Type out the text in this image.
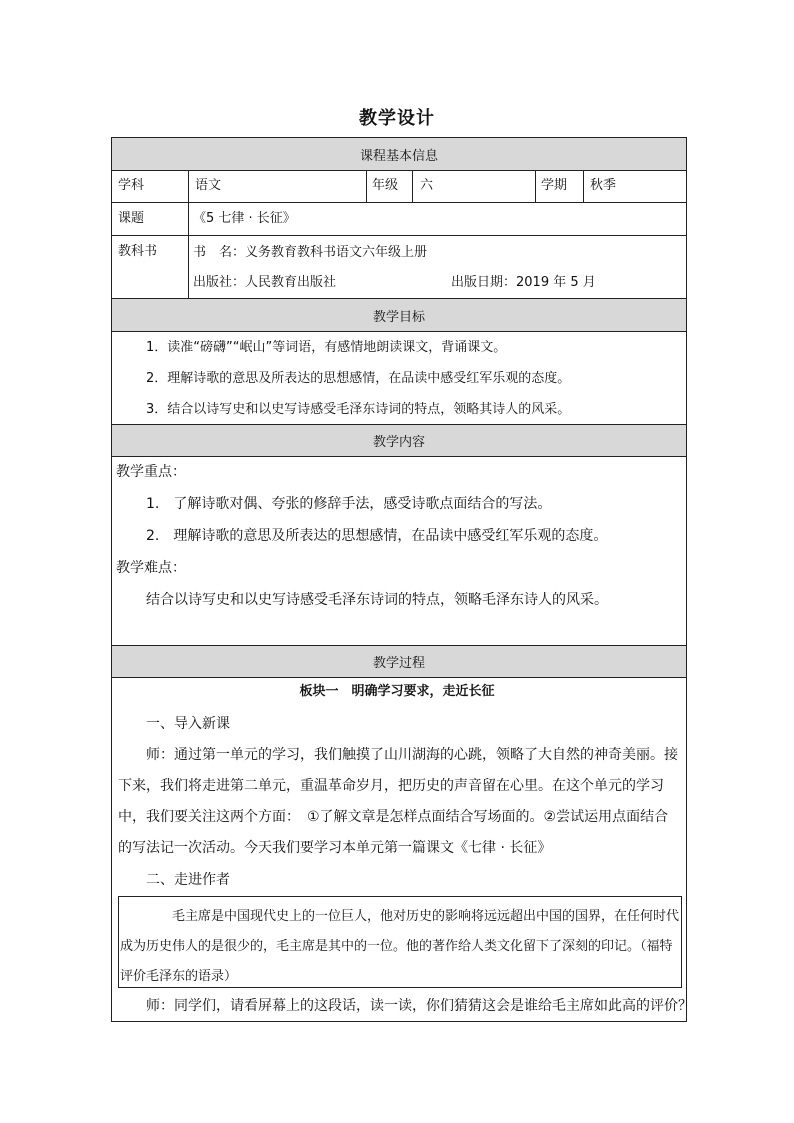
教学设计
课程基本信息
学科	语文	年级 六	学期 秋季
课题	《5 七律 · 长征》
教科书	书　名：义务教育教科书语文六年级上册
出版社：人民教育出版社	出版日期：2019 年 5 月
教学目标
1．读准“磅礴”“岷山”等词语，有感情地朗读课文，背诵课文。
2．理解诗歌的意思及所表达的思想感情，在品读中感受红军乐观的态度。
3．结合以诗写史和以史写诗感受毛泽东诗词的特点，领略其诗人的风采。
教学内容
教学重点：
1.　了解诗歌对偶、夸张的修辞手法，感受诗歌点面结合的写法。
2.　理解诗歌的意思及所表达的思想感情，在品读中感受红军乐观的态度。
教学难点：
结合以诗写史和以史写诗感受毛泽东诗词的特点，领略毛泽东诗人的风采。
教学过程
板块一　明确学习要求，走近长征
一、导入新课
师：通过第一单元的学习，我们触摸了山川湖海的心跳，领略了大自然的神奇美丽。接下来，我们将走进第二单元，重温革命岁月，把历史的声音留在心里。在这个单元的学习中，我们要关注这两个方面：　①了解文章是怎样点面结合写场面的。②尝试运用点面结合的写法记一次活动。今天我们要学习本单元第一篇课文《七律 · 长征》
二、走进作者
毛主席是中国现代史上的一位巨人，他对历史的影响将远远超出中国的国界，在任何时代成为历史伟人的是很少的，毛主席是其中的一位。他的著作给人类文化留下了深刻的印记。（福特评价毛泽东的语录）
师：同学们，请看屏幕上的这段话，读一读，你们猜猜这会是谁给毛主席如此高的评价？
